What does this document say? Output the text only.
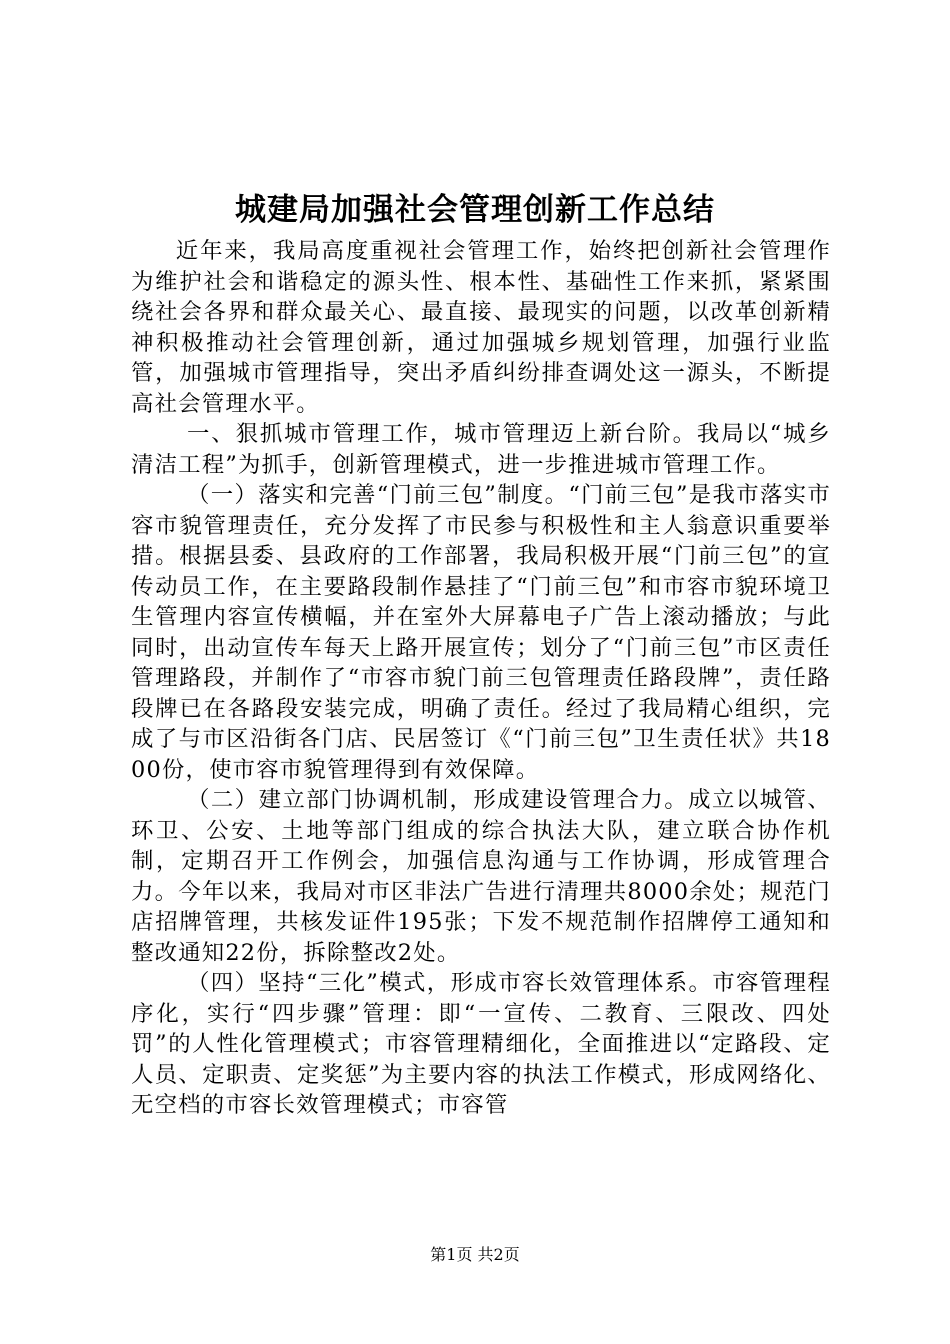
城建局加强社会管理创新工作总结

近年来，我局高度重视社会管理工作，始终把创新社会管理作为维护社会和谐稳定的源头性、根本性、基础性工作来抓，紧紧围绕社会各界和群众最关心、最直接、最现实的问题，以改革创新精神积极推动社会管理创新，通过加强城乡规划管理，加强行业监管，加强城市管理指导，突出矛盾纠纷排查调处这一源头，不断提高社会管理水平。

一、狠抓城市管理工作，城市管理迈上新台阶。我局以“城乡清洁工程”为抓手，创新管理模式，进一步推进城市管理工作。

（一）落实和完善“门前三包”制度。“门前三包”是我市落实市容市貌管理责任，充分发挥了市民参与积极性和主人翁意识重要举措。根据县委、县政府的工作部署，我局积极开展“门前三包”的宣传动员工作，在主要路段制作悬挂了“门前三包”和市容市貌环境卫生管理内容宣传横幅，并在室外大屏幕电子广告上滚动播放；与此同时，出动宣传车每天上路开展宣传；划分了“门前三包”市区责任管理路段，并制作了“市容市貌门前三包管理责任路段牌”，责任路段牌已在各路段安装完成，明确了责任。经过了我局精心组织，完成了与市区沿街各门店、民居签订《“门前三包”卫生责任状》共1800份，使市容市貌管理得到有效保障。

（二）建立部门协调机制，形成建设管理合力。成立以城管、环卫、公安、土地等部门组成的综合执法大队，建立联合协作机制，定期召开工作例会，加强信息沟通与工作协调，形成管理合力。今年以来，我局对市区非法广告进行清理共8000余处；规范门店招牌管理，共核发证件195张；下发不规范制作招牌停工通知和整改通知22份，拆除整改2处。

（四）坚持“三化”模式，形成市容长效管理体系。市容管理程序化，实行“四步骤”管理：即“一宣传、二教育、三限改、四处罚”的人性化管理模式；市容管理精细化，全面推进以“定路段、定人员、定职责、定奖惩”为主要内容的执法工作模式，形成网络化、无空档的市容长效管理模式；市容管

第1页 共2页
